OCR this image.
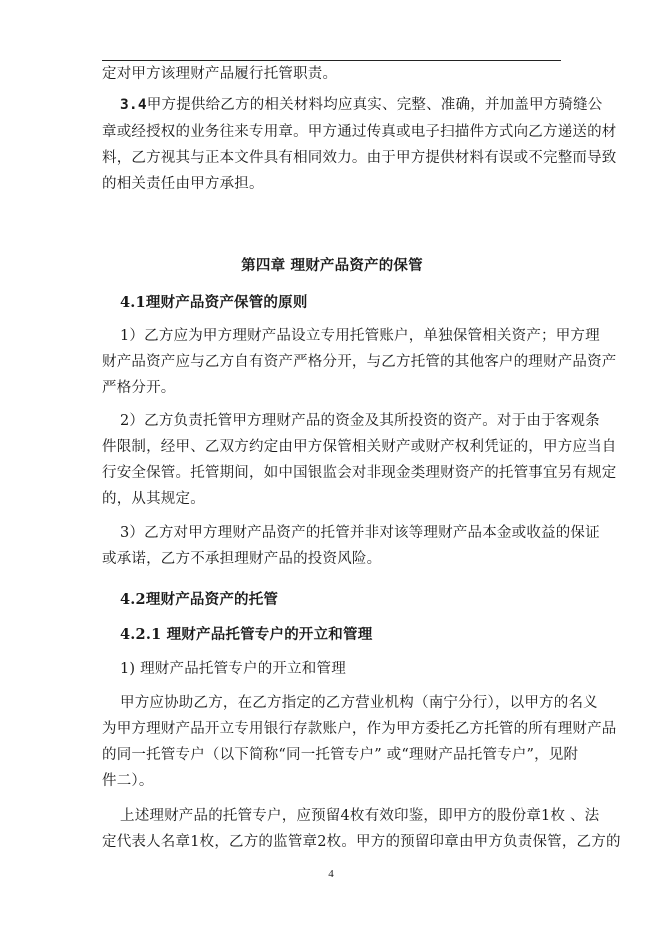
定对甲方该理财产品履行托管职责。
3.4甲方提供给乙方的相关材料均应真实、完整、准确，并加盖甲方骑缝公
章或经授权的业务往来专用章。甲方通过传真或电子扫描件方式向乙方递送的材
料，乙方视其与正本文件具有相同效力。由于甲方提供材料有误或不完整而导致
的相关责任由甲方承担。
第四章 理财产品资产的保管
4.1理财产品资产保管的原则
1）乙方应为甲方理财产品设立专用托管账户，单独保管相关资产；甲方理
财产品资产应与乙方自有资产严格分开，与乙方托管的其他客户的理财产品资产
严格分开。
2）乙方负责托管甲方理财产品的资金及其所投资的资产。对于由于客观条
件限制，经甲、乙双方约定由甲方保管相关财产或财产权利凭证的，甲方应当自
行安全保管。托管期间，如中国银监会对非现金类理财资产的托管事宜另有规定
的，从其规定。
3）乙方对甲方理财产品资产的托管并非对该等理财产品本金或收益的保证
或承诺，乙方不承担理财产品的投资风险。
4.2理财产品资产的托管
4.2.1 理财产品托管专户的开立和管理
1) 理财产品托管专户的开立和管理
甲方应协助乙方，在乙方指定的乙方营业机构（南宁分行），以甲方的名义
为甲方理财产品开立专用银行存款账户，作为甲方委托乙方托管的所有理财产品
的同一托管专户（以下简称“同一托管专户” 或“理财产品托管专户”，见附
件二）。
上述理财产品的托管专户，应预留4枚有效印鉴，即甲方的股份章1枚 、法
定代表人名章1枚，乙方的监管章2枚。甲方的预留印章由甲方负责保管，乙方的
4
